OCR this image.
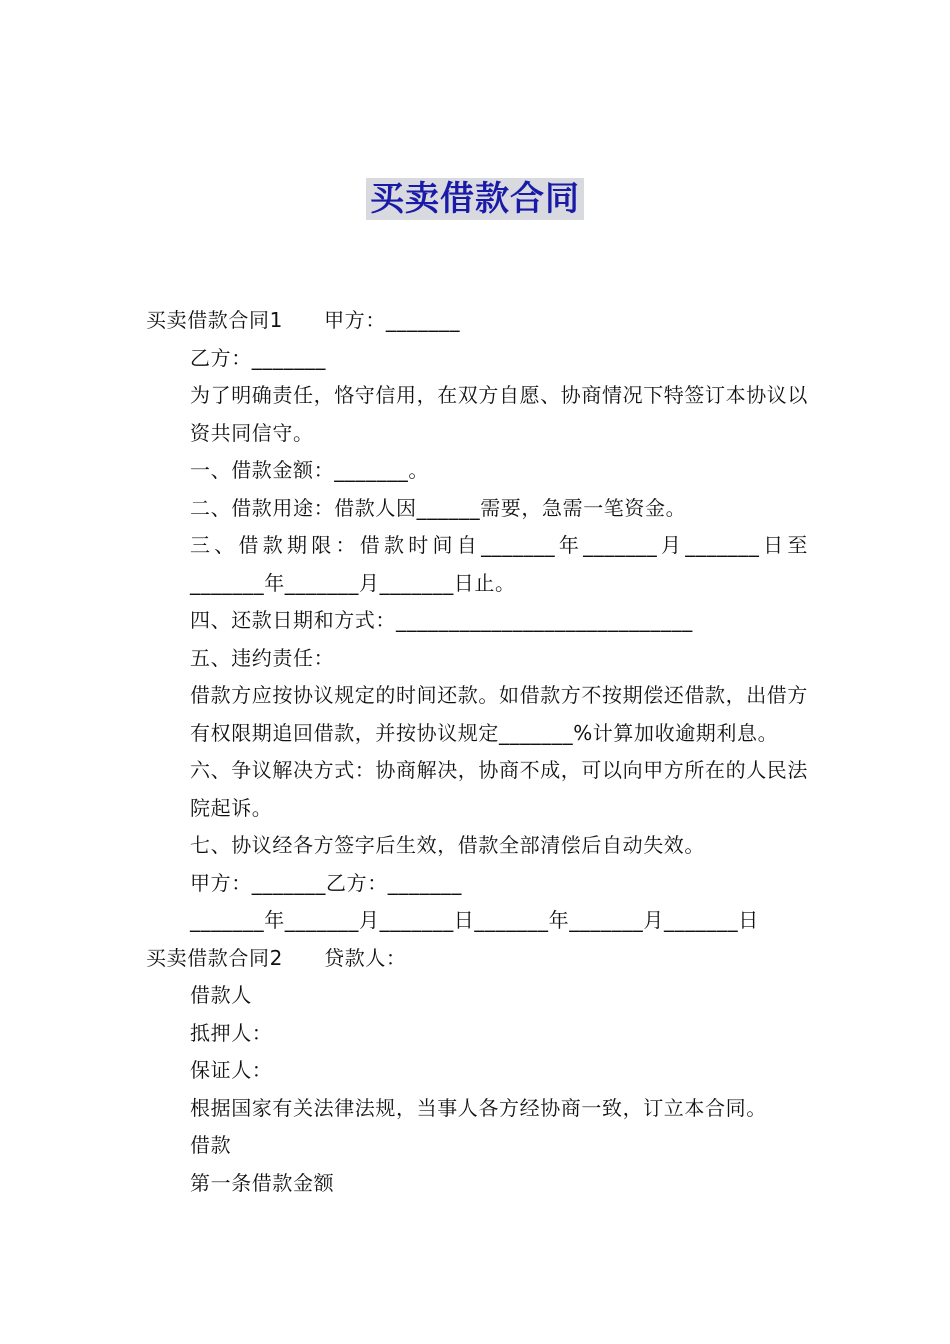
买卖借款合同

买卖借款合同1　　甲方：_______

乙方：_______

为了明确责任，恪守信用，在双方自愿、协商情况下特签订本协议以资共同信守。

一、借款金额：_______。

二、借款用途：借款人因______需要，急需一笔资金。

三、借款期限：借款时间自_______年_______月_______日至_______年_______月_______日止。

四、还款日期和方式：____________________________

五、违约责任：

借款方应按协议规定的时间还款。如借款方不按期偿还借款，出借方有权限期追回借款，并按协议规定_______%计算加收逾期利息。

六、争议解决方式：协商解决，协商不成，可以向甲方所在的人民法院起诉。

七、协议经各方签字后生效，借款全部清偿后自动失效。

甲方：_______乙方：_______

_______年_______月_______日_______年_______月_______日

买卖借款合同2　　贷款人：

借款人

抵押人：

保证人：

根据国家有关法律法规，当事人各方经协商一致，订立本合同。

借款

第一条借款金额
